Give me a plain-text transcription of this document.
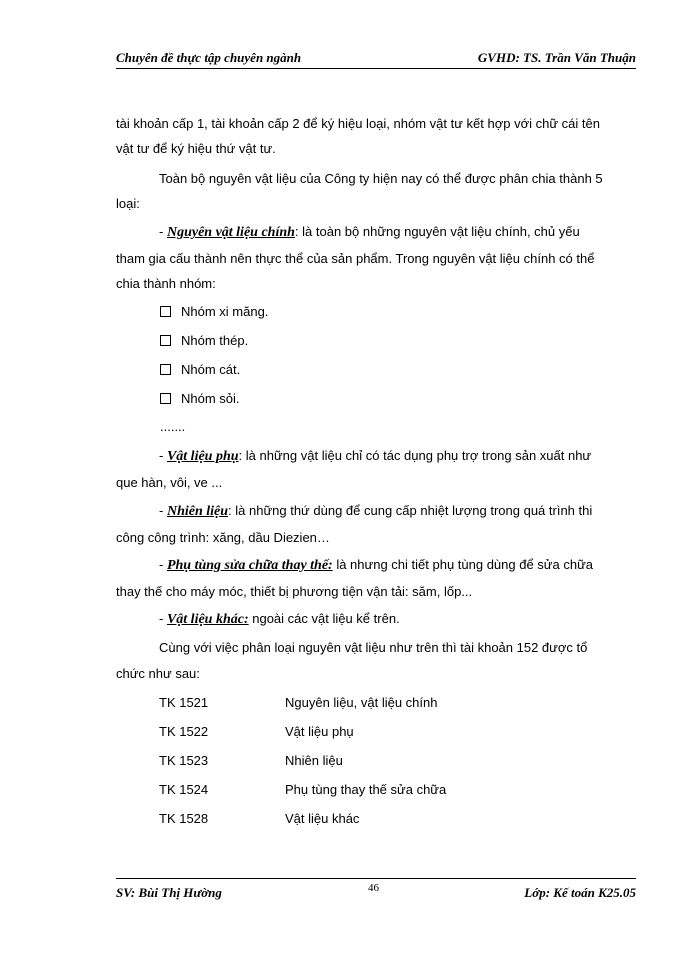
Chuyên đề thực tập chuyên ngành	GVHD: TS. Trần Văn Thuận
tài khoản cấp 1, tài khoản cấp 2 để ký hiệu loại, nhóm vật tư kết hợp với chữ cái tên
vật tư để ký hiệu thứ vật tư.
Toàn bộ nguyên vật liệu của Công ty hiện nay có thể được phân chia thành 5
loại:
- Nguyên vật liệu chính: là toàn bộ những nguyên vật liệu chính, chủ yếu
tham gia cấu thành nên thực thể của sản phẩm. Trong nguyên vật liệu chính có thể
chia thành nhóm:
Nhóm xi măng.
Nhóm thép.
Nhóm cát.
Nhóm sỏi.
.......
- Vật liệu phụ: là những vật liệu chỉ có tác dụng phụ trợ trong sản xuất như
que hàn, vôi, ve ...
- Nhiên liệu: là những thứ dùng để cung cấp nhiệt lượng trong quá trình thi
công công trình: xăng, dầu Diezien…
- Phụ tùng sửa chữa thay thế: là nhưng chi tiết phụ tùng dùng để sửa chữa
thay thế cho máy móc, thiết bị phương tiện vận tải: săm, lốp...
- Vật liệu khác: ngoài các vật liệu kể trên.
Cùng với việc phân loại nguyên vật liệu như trên thì tài khoản 152 được tổ
chức như sau:
TK 1521	Nguyên liệu, vật liệu chính
TK 1522	Vật liệu phụ
TK 1523	Nhiên liệu
TK 1524	Phụ tùng thay thế sửa chữa
TK 1528	Vật liệu khác
SV: Bùi Thị Hường	46	Lớp: Kế toán K25.05
